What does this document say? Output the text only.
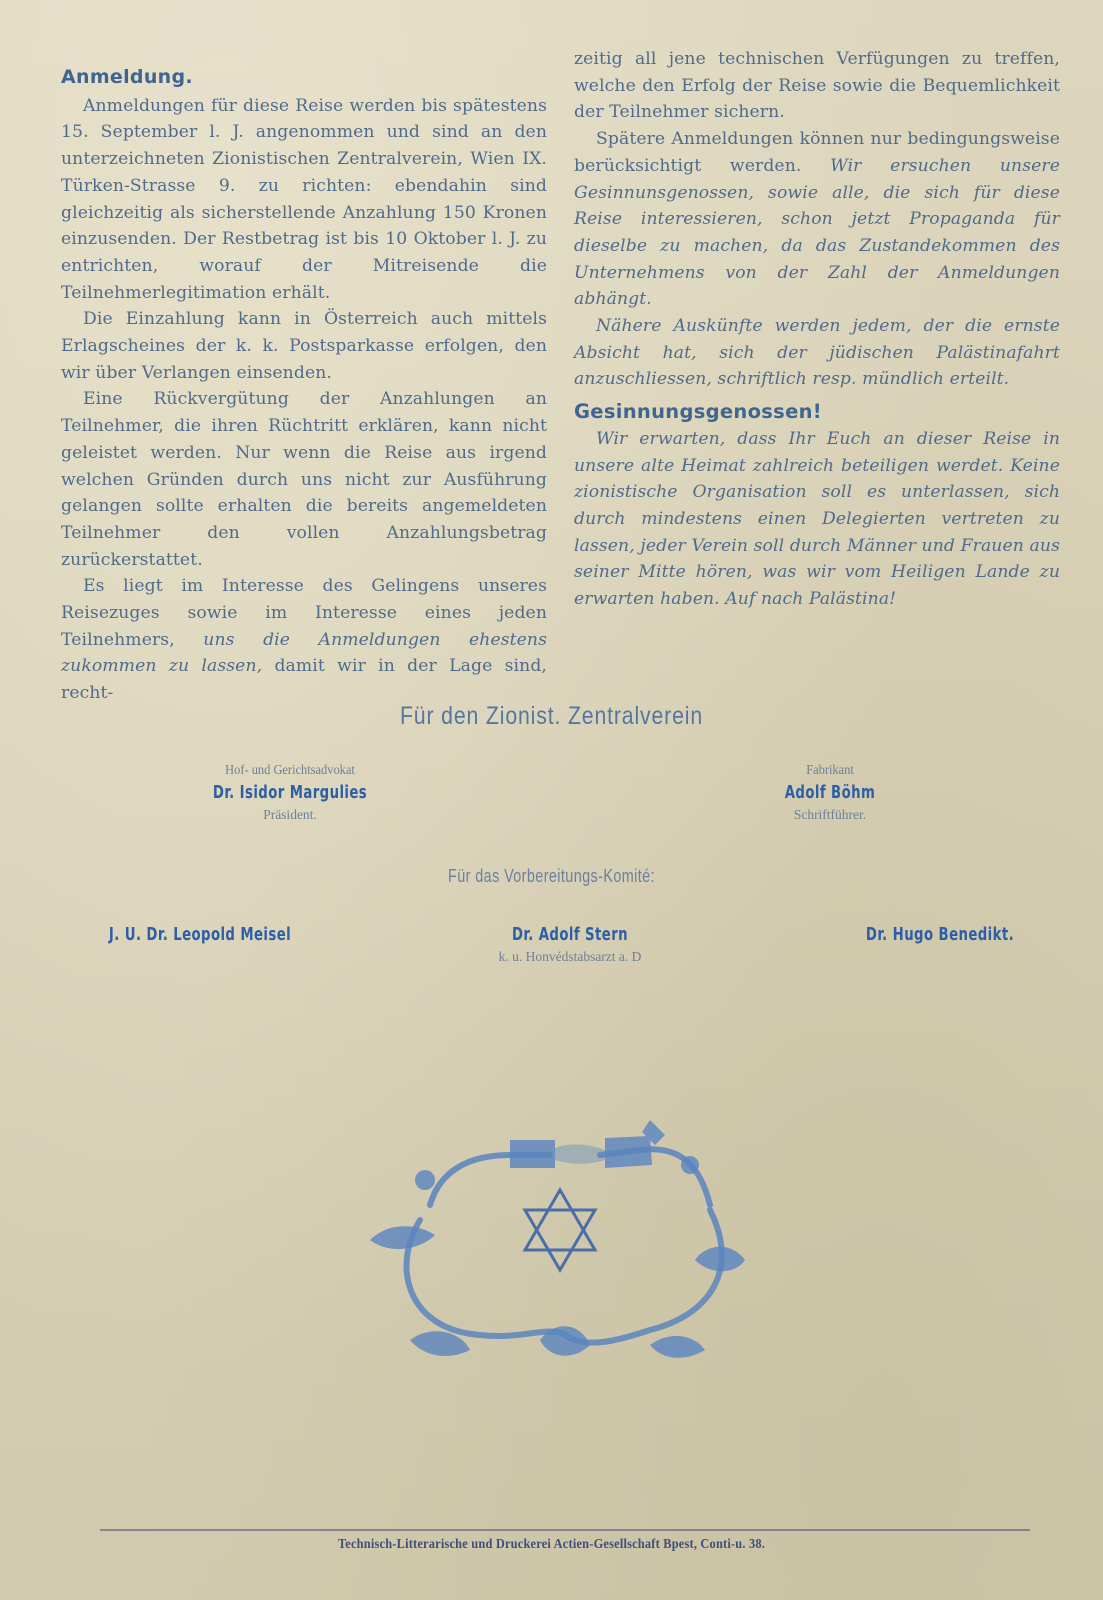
Anmeldung.

Anmeldungen für diese Reise werden bis spätestens 15. September l. J. angenommen und sind an den unterzeichneten Zionistischen Zentralverein, Wien IX. Türken-Strasse 9. zu richten: ebendahin sind gleichzeitig als sicherstellende Anzahlung 150 Kronen einzusenden. Der Restbetrag ist bis 10 Oktober l. J. zu entrichten, worauf der Mitreisende die Teilnehmerlegitimation erhält.

Die Einzahlung kann in Österreich auch mittels Erlagscheines der k. k. Postsparkasse erfolgen, den wir über Verlangen einsenden.

Eine Rückvergütung der Anzahlungen an Teilnehmer, die ihren Rüchtritt erklären, kann nicht geleistet werden. Nur wenn die Reise aus irgend welchen Gründen durch uns nicht zur Ausführung gelangen sollte erhalten die bereits angemeldeten Teilnehmer den vollen Anzahlungsbetrag zurückerstattet.

Es liegt im Interesse des Gelingens unseres Reisezuges sowie im Interesse eines jeden Teilnehmers, uns die Anmeldungen ehestens zukommen zu lassen, damit wir in der Lage sind, recht-

zeitig all jene technischen Verfügungen zu treffen, welche den Erfolg der Reise sowie die Bequemlichkeit der Teilnehmer sichern.

Spätere Anmeldungen können nur bedingungsweise berücksichtigt werden. Wir ersuchen unsere Gesinnunsgenossen, sowie alle, die sich für diese Reise interessieren, schon jetzt Propaganda für dieselbe zu machen, da das Zustandekommen des Unternehmens von der Zahl der Anmeldungen abhängt.

Nähere Auskünfte werden jedem, der die ernste Absicht hat, sich der jüdischen Palästinafahrt anzuschliessen, schriftlich resp. mündlich erteilt.

Gesinnungsgenossen!

Wir erwarten, dass Ihr Euch an dieser Reise in unsere alte Heimat zahlreich beteiligen werdet. Keine zionistische Organisation soll es unterlassen, sich durch mindestens einen Delegierten vertreten zu lassen, jeder Verein soll durch Männer und Frauen aus seiner Mitte hören, was wir vom Heiligen Lande zu erwarten haben. Auf nach Palästina!

Für den Zionist. Zentralverein
Hof- und Gerichtsadvokat
Dr. Isidor Margulies
Präsident.
Fabrikant
Adolf Böhm
Schriftführer.
Für das Vorbereitungs-Komité:
J. U. Dr. Leopold Meisel	Dr. Adolf Stern
k. u. Honvédstabsarzt a. D
Dr. Hugo Benedikt.
Technisch-Litterarische und Druckerei Actien-Gesellschaft Bpest, Conti-u. 38.
